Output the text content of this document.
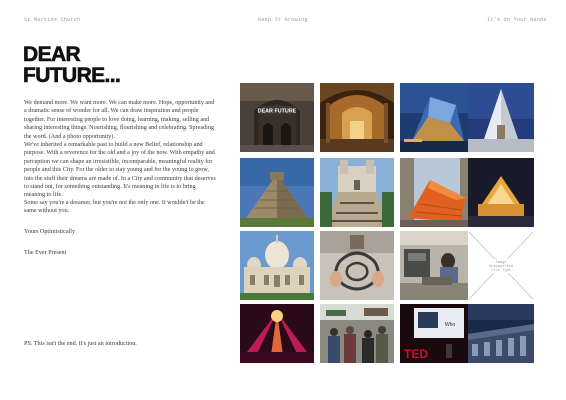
St Martins Church	Keep It Growing	It's On Your Hands
DEAR
FUTURE...

We demand more. We want more. We can make more. Hope, opportunity and a dramatic sense of wonder for all. We can draw inspiration and people together. For interesting people to love doing, learning, making, selling and sharing interesting things. Nourishing, flourishing and celebrating. Spreading the word. (And a photo opportunity).

We've inherited a remarkable past to build a new Belief, relationship and purpose. With a reverence for the old and a joy of the now. With empathy and perception we can shape an irresistible, incomparable, meaningful reality for people and this City. For the older to stay young and for the young to grow, into the stuff their dreams are made of. In a City and community that deserves to stand out, for something outstanding. It's meaning in life is to bring meaning to life.

Some say you're a dreamer, but you're not the only one. It wouldn't be the same without you.

Yours Optimistically

The Ever Present

PS. This isn't the end. It's just an introduction.

DEAR FUTURE
Image
Unsupported
File Type
Who
TED
